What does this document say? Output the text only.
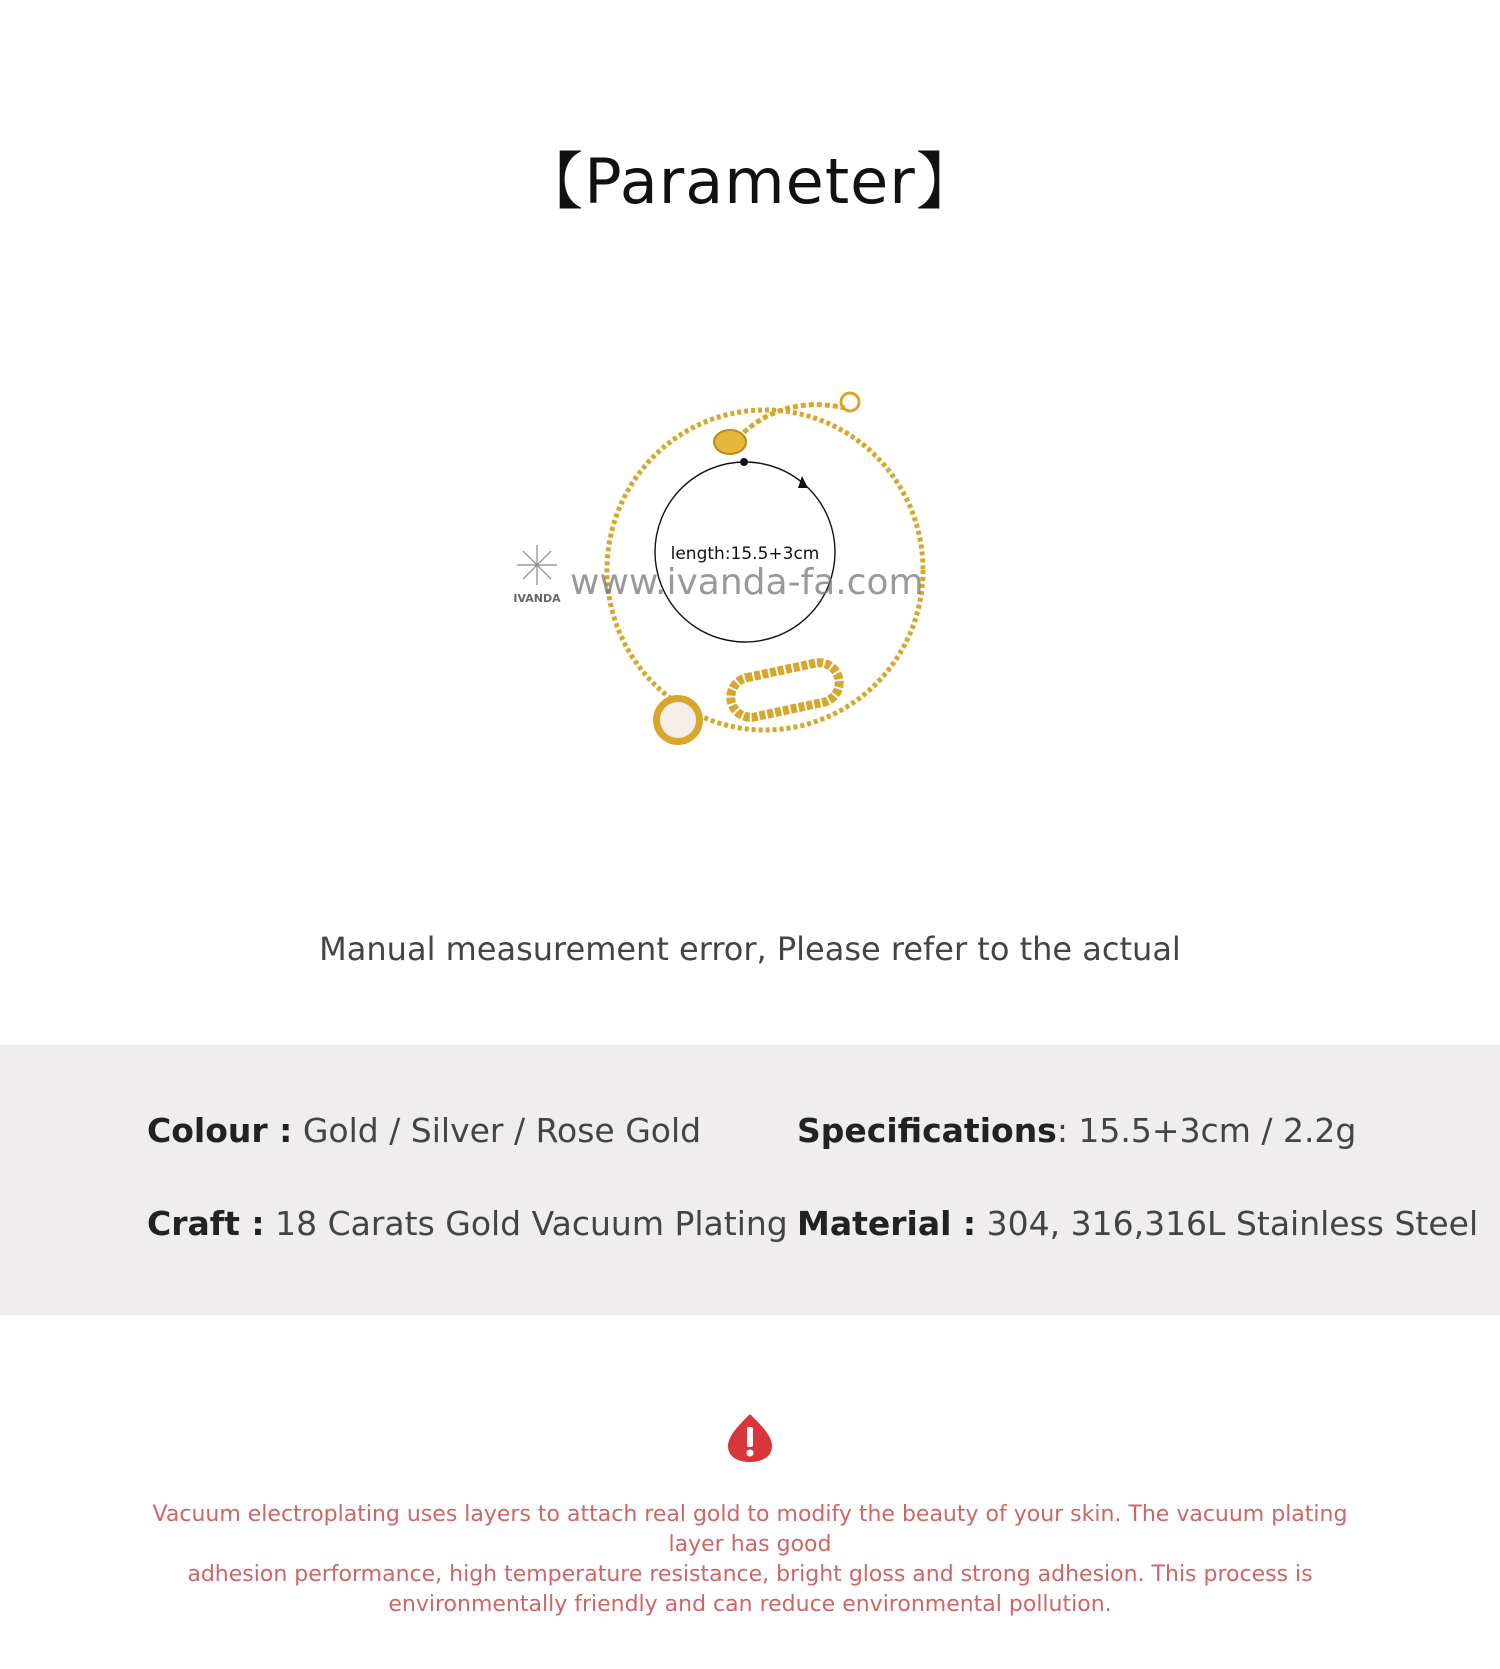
【Parameter】
length:15.5+3cm
IVANDA www.ivanda-fa.com
Manual measurement error, Please refer to the actual
Colour : Gold / Silver / Rose Gold	Specifications: 15.5+3cm / 2.2g
Craft : 18 Carats Gold Vacuum Plating Material : 304, 316,316L Stainless Steel
Vacuum electroplating uses layers to attach real gold to modify the beauty of your skin. The vacuum plating layer has good
adhesion performance, high temperature resistance, bright gloss and strong adhesion. This process is
environmentally friendly and can reduce environmental pollution.
